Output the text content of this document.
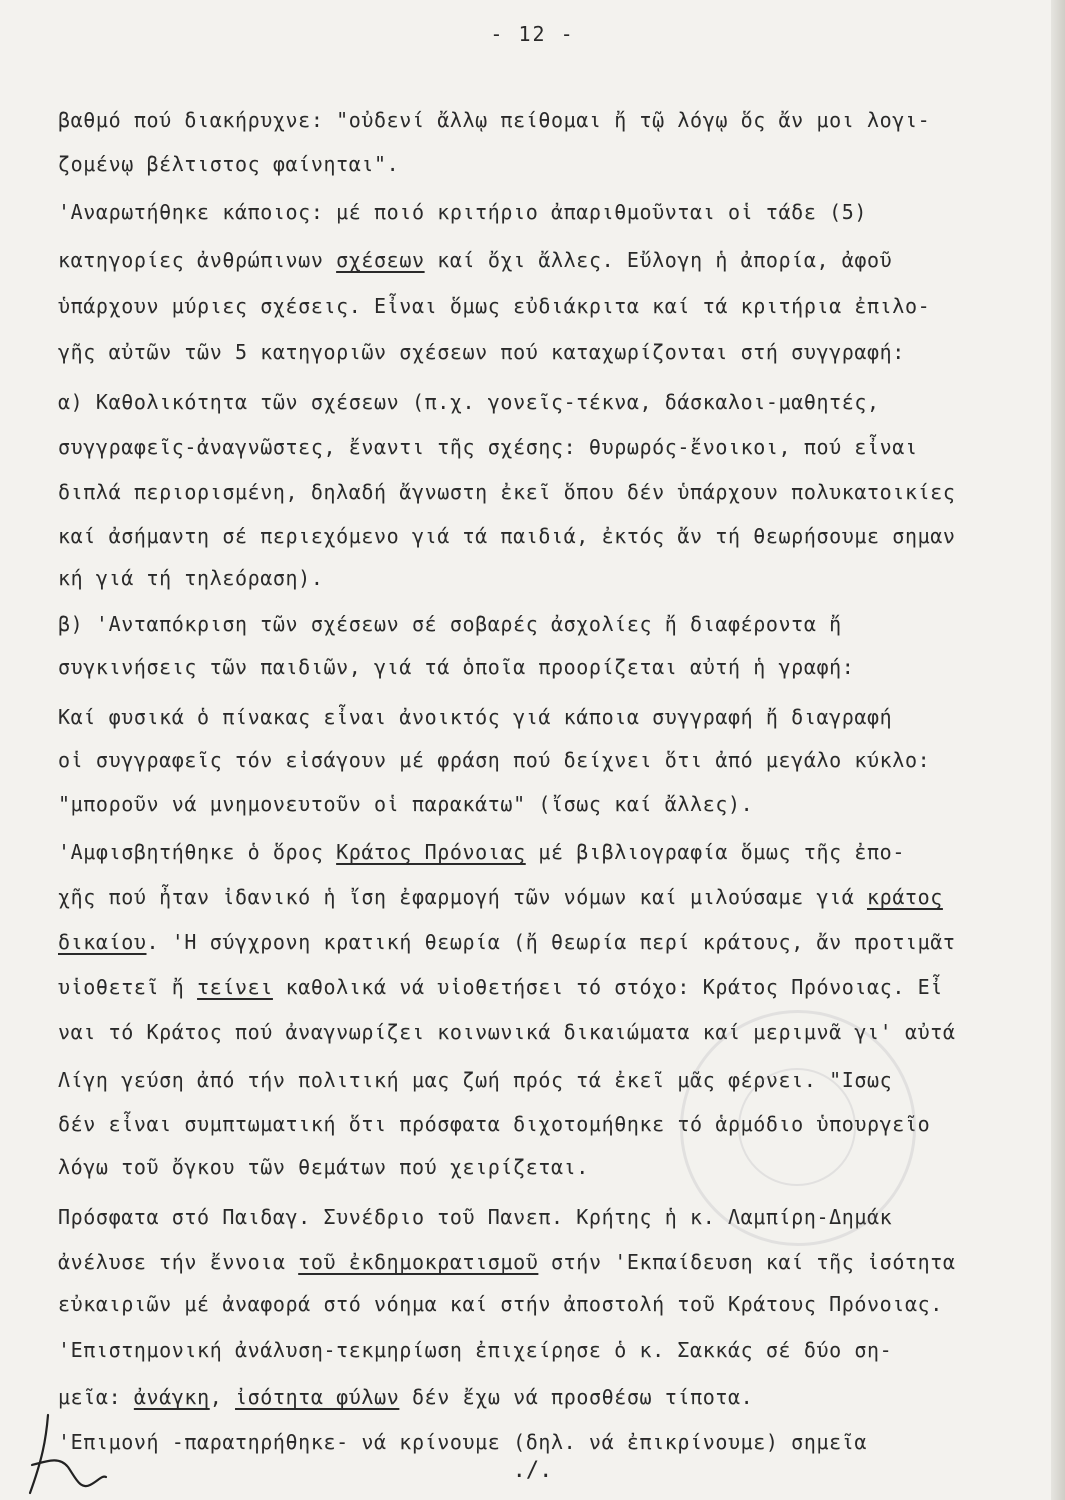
- 12 -
βαθμό πού διακήρυχνε: "οὐδενί ἄλλῳ πείθομαι ἤ τῷ λόγῳ ὅς ἄν μοι λογι-
ζομένῳ βέλτιστος φαίνηται".
'Αναρωτήθηκε κάποιος: μέ ποιό κριτήριο ἀπαριθμοῦνται οἱ τάδε (5)
κατηγορίες ἀνθρώπινων σχέσεων καί ὄχι ἄλλες. Εὔλογη ἡ ἀπορία, ἀφοῦ
ὑπάρχουν μύριες σχέσεις. Εἶναι ὅμως εὐδιάκριτα καί τά κριτήρια ἐπιλο-
γῆς αὐτῶν τῶν 5 κατηγοριῶν σχέσεων πού καταχωρίζονται στή συγγραφή:
α) Καθολικότητα τῶν σχέσεων (π.χ. γονεῖς-τέκνα, δάσκαλοι-μαθητές,
συγγραφεῖς-ἀναγνῶστες, ἔναντι τῆς σχέσης: θυρωρός-ἔνοικοι, πού εἶναι
διπλά περιορισμένη, δηλαδή ἄγνωστη ἐκεῖ ὅπου δέν ὑπάρχουν πολυκατοικίες
καί ἀσήμαντη σέ περιεχόμενο γιά τά παιδιά, ἐκτός ἄν τή θεωρήσουμε σημαν
κή γιά τή τηλεόραση).
β) 'Ανταπόκριση τῶν σχέσεων σέ σοβαρές ἀσχολίες ἤ διαφέροντα ἤ
συγκινήσεις τῶν παιδιῶν, γιά τά ὁποῖα προορίζεται αὐτή ἡ γραφή:
Καί φυσικά ὁ πίνακας εἶναι ἀνοικτός γιά κάποια συγγραφή ἤ διαγραφή
οἱ συγγραφεῖς τόν εἰσάγουν μέ φράση πού δείχνει ὅτι ἀπό μεγάλο κύκλο:
"μποροῦν νά μνημονευτοῦν οἱ παρακάτω" (ἴσως καί ἄλλες).
'Αμφισβητήθηκε ὁ ὅρος Κράτος Πρόνοιας μέ βιβλιογραφία ὅμως τῆς ἐπο-
χῆς πού ἦταν ἰδανικό ἡ ἴση ἐφαρμογή τῶν νόμων καί μιλούσαμε γιά κράτος
δικαίου. 'Η σύγχρονη κρατική θεωρία (ἤ θεωρία περί κράτους, ἄν προτιμᾶτ
υἱοθετεῖ ἤ τείνει καθολικά νά υἱοθετήσει τό στόχο: Κράτος Πρόνοιας. Εἶ
ναι τό Κράτος πού ἀναγνωρίζει κοινωνικά δικαιώματα καί μεριμνᾶ γι' αὐτά
Λίγη γεύση ἀπό τήν πολιτική μας ζωή πρός τά ἐκεῖ μᾶς φέρνει. "Ισως
δέν εἶναι συμπτωματική ὅτι πρόσφατα διχοτομήθηκε τό ἁρμόδιο ὑπουργεῖο
λόγω τοῦ ὄγκου τῶν θεμάτων πού χειρίζεται.
Πρόσφατα στό Παιδαγ. Συνέδριο τοῦ Πανεπ. Κρήτης ἡ κ. Λαμπίρη-Δημάκ
ἀνέλυσε τήν ἔννοια τοῦ ἐκδημοκρατισμοῦ στήν 'Εκπαίδευση καί τῆς ἰσότητα
εὐκαιριῶν μέ ἀναφορά στό νόημα καί στήν ἀποστολή τοῦ Κράτους Πρόνοιας.
'Επιστημονική ἀνάλυση-τεκμηρίωση ἐπιχείρησε ὁ κ. Σακκάς σέ δύο ση-
μεῖα: ἀνάγκη, ἰσότητα φύλων δέν ἔχω νά προσθέσω τίποτα.
'Επιμονή -παρατηρήθηκε- νά κρίνουμε (δηλ. νά ἐπικρίνουμε) σημεῖα
./.
